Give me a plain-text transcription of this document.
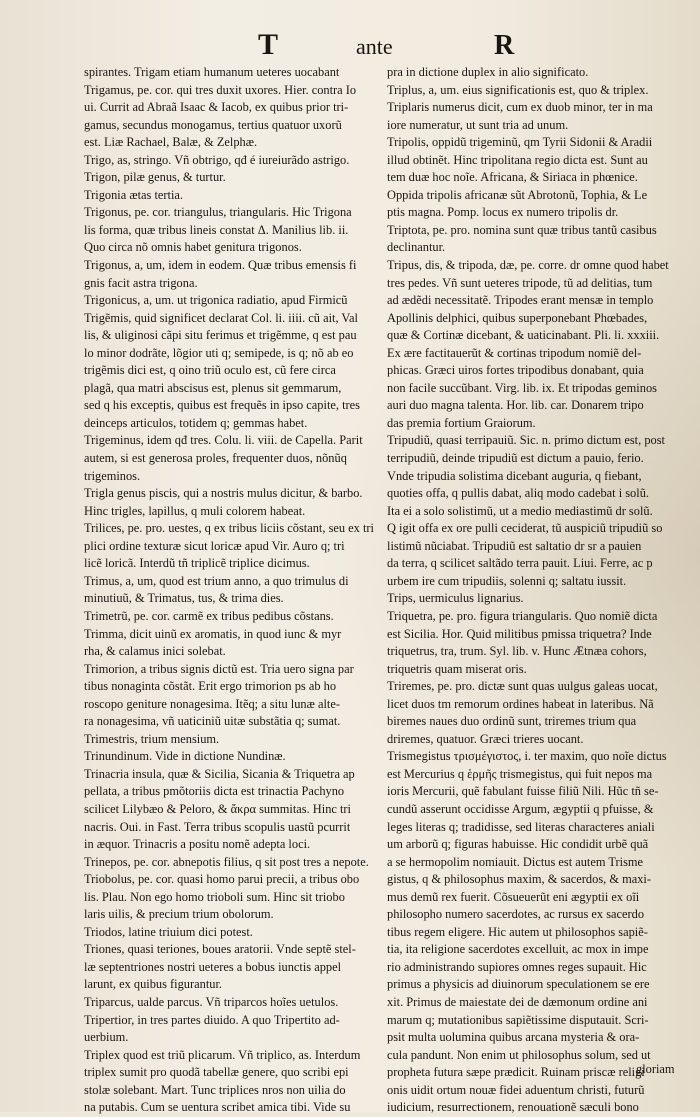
T	ante	R
spirantes. Trigam etiam humanum ueteres uocabant
Trigamus, pe. cor. qui tres duxit uxores. Hier. contra Io
ui. Currit ad Abraã Isaac & Iacob, ex quibus prior tri-
gamus, secundus monogamus, tertius quatuor uxorũ
est. Liæ Rachael, Balæ, & Zelphæ.
Trigo, as, stringo. Vñ obtrigo, qđ é iureiurãdo astrigo.
Trigon, pilæ genus, & turtur.
Trigonia ætas tertia.
Trigonus, pe. cor. triangulus, triangularis. Hic Trigona
lis forma, quæ tribus lineis constat Δ. Manilius lib. ii.
Quo circa nõ omnis habet genitura trigonos.
Trigonus, a, um, idem in eodem. Quæ tribus emensis fi
gnis facit astra trigona.
Trigonicus, a, um. ut trigonica radiatio, apud Firmicũ
Trigẽmis, quid significet declarat Col. li. iiii. cũ ait, Val
lis, & uliginosi cãpi situ ferimus et trigẽmme, q est pau
lo minor dodrãte, lõgior uti q; semipede, is q; nõ ab eo
trigẽmis dici est, q oino triũ oculo est, cũ fere circa
plagã, qua matri abscisus est, plenus sit gemmarum,
sed q his exceptis, quibus est frequẽs in ipso capite, tres
deinceps articulos, totidem q; gemmas habet.
Trigeminus, idem qđ tres. Colu. li. viii. de Capella. Parit
autem, si est generosa proles, frequenter duos, nõnũq
trigeminos.
Trigla genus piscis, qui a nostris mulus dicitur, & barbo.
Hinc trigles, lapillus, q muli colorem habeat.
Trilices, pe. pro. uestes, q ex tribus liciis cõstant, seu ex tri
plici ordine texturæ sicut loricæ apud Vir. Auro q; tri
licẽ loricã. Interdũ tñ triplicẽ triplice dicimus.
Trimus, a, um, quod est trium anno, a quo trimulus di
minutiuũ, & Trimatus, tus, & trima dies.
Trimetrũ, pe. cor. carmẽ ex tribus pedibus cõstans.
Trimma, dicit uinũ ex aromatis, in quod iunc & myr
rha, & calamus inici solebat.
Trimorion, a tribus signis dictũ est. Tria uero signa par
tibus nonaginta cõstãt. Erit ergo trimorion ps ab ho
roscopo geniture nonagesima. Itẽq; a situ lunæ alte-
ra nonagesima, vñ uaticiniũ uitæ substãtia q; sumat.
Trimestris, trium mensium.
Trinundinum. Vide in dictione Nundinæ.
Trinacria insula, quæ & Sicilia, Sicania & Triquetra ap
pellata, a tribus pmõtoriis dicta est trinactia Pachyno
scilicet Lilybæo & Peloro, & ἄκρα summitas. Hinc tri
nacris. Oui. in Fast. Terra tribus scopulis uastũ pcurrit
in æquor. Trinacris a positu nomẽ adepta loci.
Trinepos, pe. cor. abnepotis filius, q sit post tres a nepote.
Triobolus, pe. cor. quasi homo parui precii, a tribus obo
lis. Plau. Non ego homo trioboli sum. Hinc sit triobo
laris uilis, & precium trium obolorum.
Triodos, latine triuium dici potest.
Triones, quasi teriones, boues aratorii. Vnde septẽ stel-
læ septentriones nostri ueteres a bobus iunctis appel
larunt, ex quibus figurantur.
Triparcus, ualde parcus. Vñ triparcos hoĩes uetulos.
Tripertior, in tres partes diuido. A quo Tripertito ad-
uerbium.
Triplex quod est triũ plicarum. Vñ triplico, as. Interdum
triplex sumit pro quodã tabellæ genere, quo scribi epi
stolæ solebant. Mart. Tunc triplices nros non uilia do
na putabis. Cum se uentura scribet amica tibi. Vide su
pra in dictione duplex in alio significato.
Triplus, a, um. eius significationis est, quo & triplex.
Triplaris numerus dicit, cum ex duob minor, ter in ma
iore numeratur, ut sunt tria ad unum.
Tripolis, oppidũ trigeminũ, qm Tyrii Sidonii & Aradii
illud obtinẽt. Hinc tripolitana regio dicta est. Sunt au
tem duæ hoc noĩe. Africana, & Siriaca in phœnice.
Oppida tripolis africanæ sũt Abrotonũ, Tophia, & Le
ptis magna. Pomp. locus ex numero tripolis dr.
Triptota, pe. pro. nomina sunt quæ tribus tantũ casibus
declinantur.
Tripus, dis, & tripoda, dæ, pe. corre. dr omne quod habet
tres pedes. Vñ sunt ueteres tripode, tũ ad delitias, tum
ad ædẽdi necessitatẽ. Tripodes erant mensæ in templo
Apollinis delphici, quibus superponebant Phœbades,
quæ & Cortinæ dicebant, & uaticinabant. Pli. li. xxxiii.
Ex ære factitauerũt & cortinas tripodum nomiẽ del-
phicas. Græci uiros fortes tripodibus donabant, quia
non facile succũbant. Virg. lib. ix. Et tripodas geminos
auri duo magna talenta. Hor. lib. car. Donarem tripo
das premia fortium Graiorum.
Tripudiũ, quasi terripauiũ. Sic. n. primo dictum est, post
terripudiũ, deinde tripudiũ est dictum a pauio, ferio.
Vnde tripudia solistima dicebant auguria, q fiebant,
quoties offa, q pullis dabat, aliq modo cadebat i solũ.
Ita ei a solo solistimũ, ut a medio mediastimũ dr solũ.
Q igit offa ex ore pulli ceciderat, tũ auspiciũ tripudiũ so
listimũ nũciabat. Tripudiũ est saltatio dr sr a pauien
da terra, q scilicet saltãdo terra pauit. Liui. Ferre, ac p
urbem ire cum tripudiis, solenni q; saltatu iussit.
Trips, uermiculus lignarius.
Triquetra, pe. pro. figura triangularis. Quo nomiẽ dicta
est Sicilia. Hor. Quid militibus pmissa triquetra? Inde
triquetrus, tra, trum. Syl. lib. v. Hunc Ætnæa cohors,
triquetris quam miserat oris.
Triremes, pe. pro. dictæ sunt quas uulgus galeas uocat,
licet duos tm remorum ordines habeat in lateribus. Nã
biremes naues duo ordinũ sunt, triremes trium qua
driremes, quatuor. Græci trieres uocant.
Trismegistus τρισμέγιστος, i. ter maxim, quo noĩe dictus
est Mercurius q ἑρμῆς trismegistus, qui fuit nepos ma
ioris Mercurii, quẽ fabulant fuisse filiũ Nili. Hũc tñ se-
cundũ asserunt occidisse Argum, ægyptii q pfuisse, &
leges literas q; tradidisse, sed literas characteres aniali
um arborũ q; figuras habuisse. Hic condidit urbẽ quã
a se hermopolim nomiauit. Dictus est autem Trisme
gistus, q & philosophus maxim, & sacerdos, & maxi-
mus demũ rex fuerit. Cõsueuerũt eni ægyptii ex oĩi
philosopho numero sacerdotes, ac rursus ex sacerdo
tibus regem eligere. Hic autem ut philosophos sapiẽ-
tia, ita religione sacerdotes excelluit, ac mox in impe
rio administrando supiores omnes reges supauit. Hic
primus a physicis ad diuinorum speculationem se ere
xit. Primus de maiestate dei de dæmonum ordine ani
marum q; mutationibus sapiẽtissime disputauit. Scri-
psit multa uolumina quibus arcana mysteria & ora-
cula pandunt. Non enim ut philosophus solum, sed ut
propheta futura sæpe prædicit. Ruinam priscæ religi
onis uidit ortum nouæ fidei aduentum christi, futurũ
iudicium, resurrectionem, renouationẽ sæculi bono
gloriam
